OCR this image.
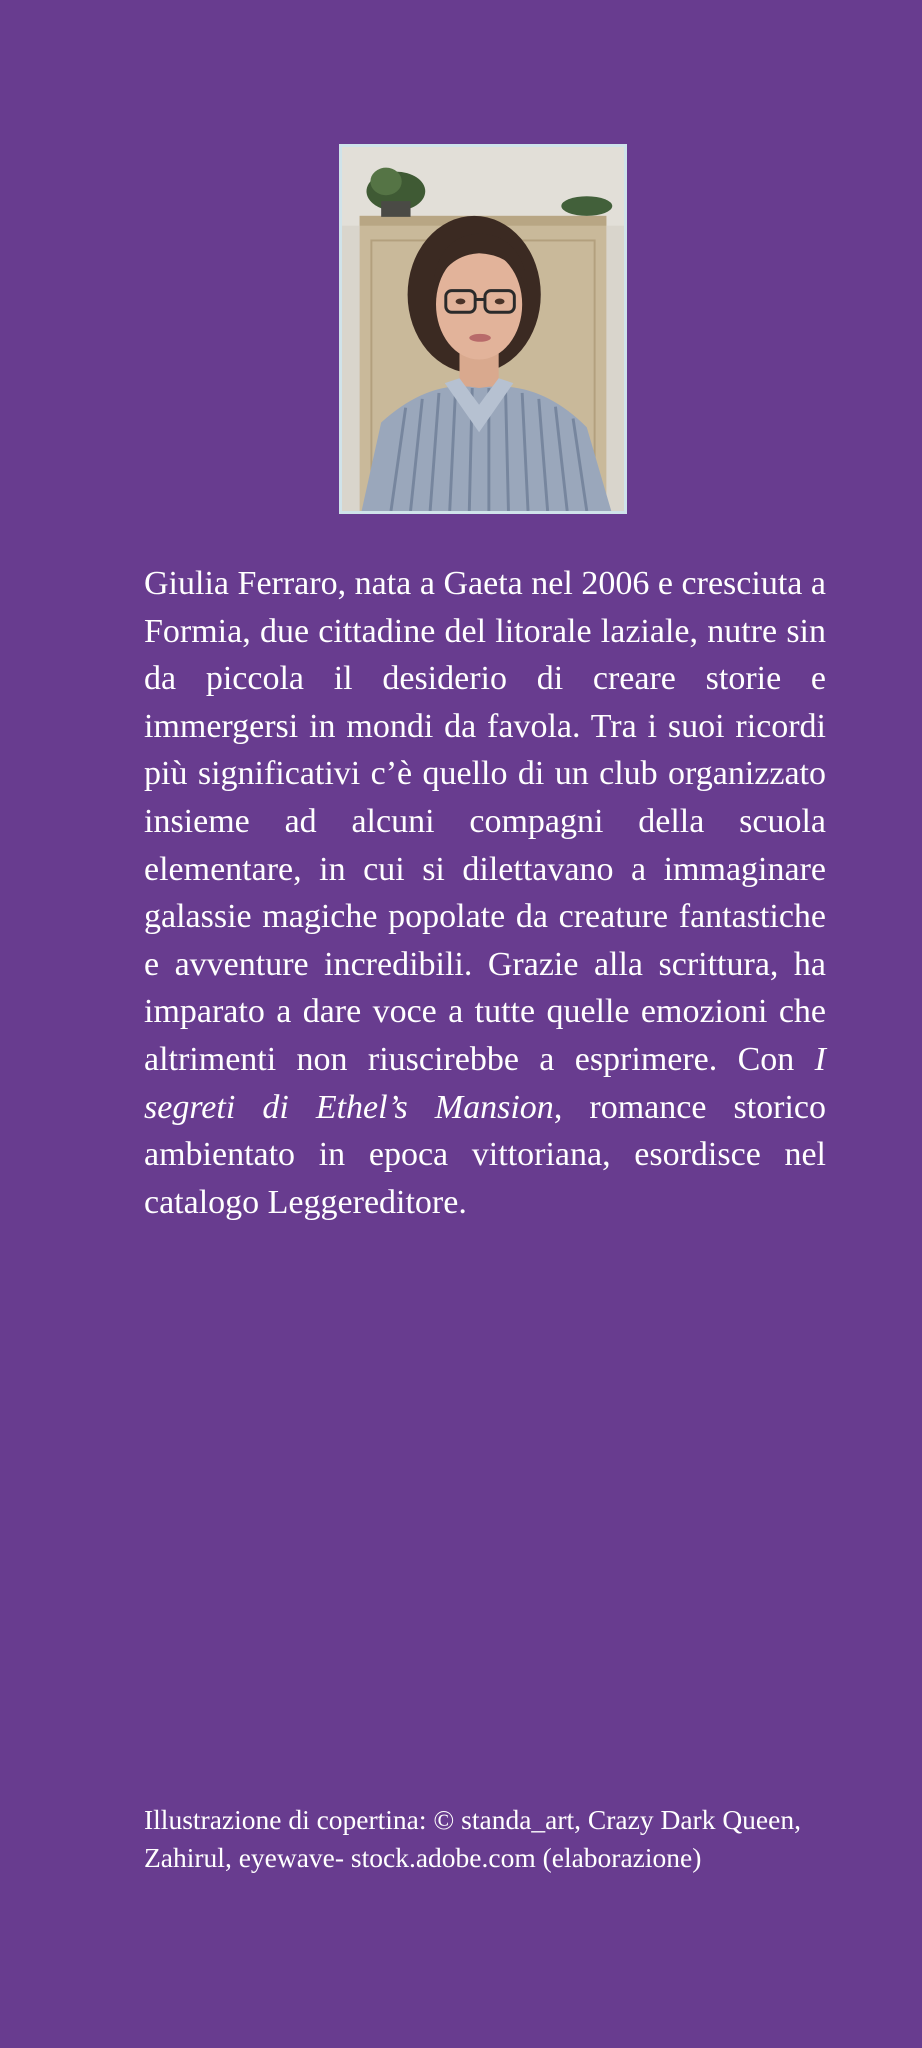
Giulia Ferraro, nata a Gaeta nel 2006 e cresciuta a Formia, due cittadine del litorale laziale, nutre sin da piccola il desiderio di creare storie e immergersi in mondi da favola. Tra i suoi ricordi più significativi c’è quello di un club organizzato insieme ad alcuni compagni della scuola elementare, in cui si dilettavano a immaginare galassie magiche popolate da creature fantastiche e avventure incredibili. Grazie alla scrittura, ha imparato a dare voce a tutte quelle emozioni che altrimenti non riuscirebbe a esprimere. Con I segreti di Ethel’s Mansion, romance storico ambientato in epoca vittoriana, esordisce nel catalogo Leggereditore.

Illustrazione di copertina: © standa_art, Crazy Dark Queen,
Zahirul, eyewave- stock.adobe.com (elaborazione)
